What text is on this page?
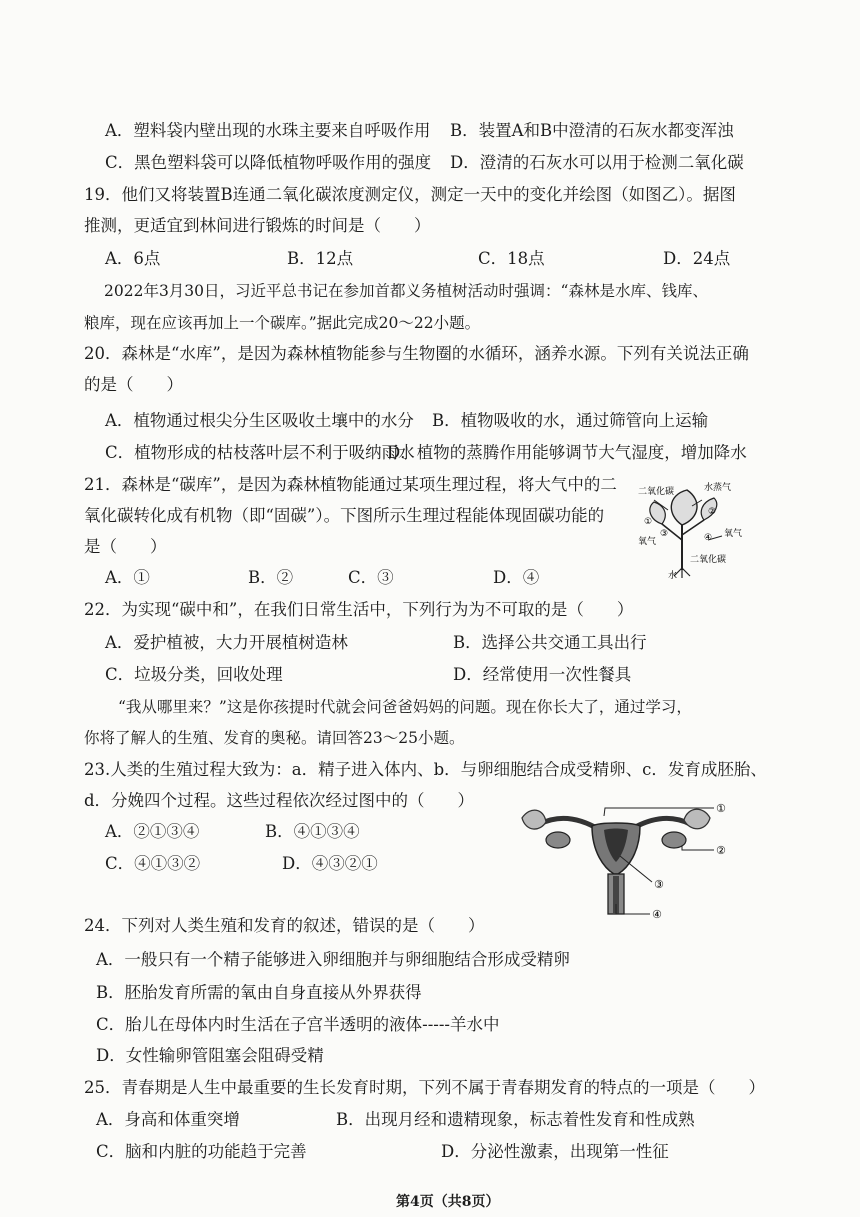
A．塑料袋内壁出现的水珠主要来自呼吸作用 B．装置A和B中澄清的石灰水都变浑浊
C．黑色塑料袋可以降低植物呼吸作用的强度 D．澄清的石灰水可以用于检测二氧化碳
19．他们又将装置B连通二氧化碳浓度测定仪，测定一天中的变化并绘图（如图乙）。据图
推测，更适宜到林间进行锻炼的时间是（　　）
A．6点	B．12点	C．18点	D．24点
2022年3月30日，习近平总书记在参加首都义务植树活动时强调：“森林是水库、钱库、
粮库，现在应该再加上一个碳库。”据此完成20～22小题。
20．森林是“水库”，是因为森林植物能参与生物圈的水循环，涵养水源。下列有关说法正确
的是（　　）
A．植物通过根尖分生区吸收土壤中的水分 B．植物吸收的水，通过筛管向上运输
C．植物形成的枯枝落叶层不利于吸纳雨水
D．植物的蒸腾作用能够调节大气湿度，增加降水
21．森林是“碳库”，是因为森林植物能通过某项生理过程，将大气中的二
氧化碳转化成有机物（即“固碳”）。下图所示生理过程能体现固碳功能的
是（　　）
A．①	B．②	C．③	D．④
二氧化碳	水蒸气
①
②
氧气
③	④ 氧气
二氧化碳
水
22．为实现“碳中和”，在我们日常生活中，下列行为为不可取的是（　　）
A．爱护植被，大力开展植树造林	B．选择公共交通工具出行
C．垃圾分类，回收处理	D．经常使用一次性餐具
“我从哪里来？”这是你孩提时代就会问爸爸妈妈的问题。现在你长大了，通过学习，
你将了解人的生殖、发育的奥秘。请回答23～25小题。
23.人类的生殖过程大致为：a．精子进入体内、b．与卵细胞结合成受精卵、c．发育成胚胎、
d．分娩四个过程。这些过程依次经过图中的（　　）
A．②①③④	B．④①③④
C．④①③②	D．④③②①
①
②
③
④
24．下列对人类生殖和发育的叙述，错误的是（　　）
A．一般只有一个精子能够进入卵细胞并与卵细胞结合形成受精卵
B．胚胎发育所需的氧由自身直接从外界获得
C．胎儿在母体内时生活在子宫半透明的液体-----羊水中
D．女性输卵管阻塞会阻碍受精
25．青春期是人生中最重要的生长发育时期，下列不属于青春期发育的特点的一项是（　　）
A．身高和体重突增	B．出现月经和遗精现象，标志着性发育和性成熟
C．脑和内脏的功能趋于完善	D．分泌性激素，出现第一性征
第4页（共8页）
